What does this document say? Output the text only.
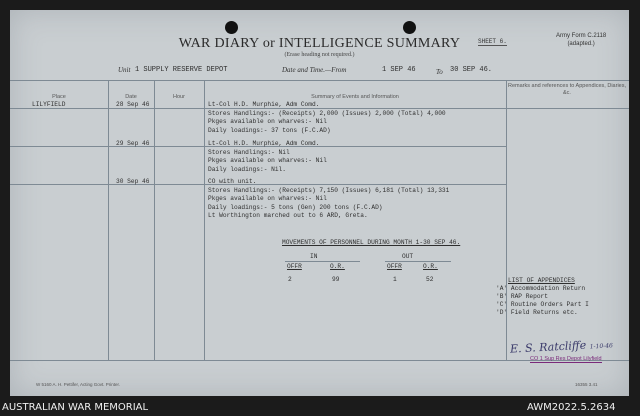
WAR DIARY or INTELLIGENCE SUMMARY
(Erase heading not required.)
SHEET 6.
Army Form C.2118
(adapted.)
Unit 1 SUPPLY RESERVE DEPOT	Date and Time.—From	1 SEP 46	To 30 SEP 46.
Place	Date	Hour	Summary of Events and Information
Remarks and references to Appendices, Diaries, &c.
LILYFIELD	28 Sep 46	Lt-Col H.D. Murphie, Adm Comd.
Stores Handlings:- (Receipts) 2,000 (Issues) 2,000 (Total) 4,000
Pkges available on wharves:- Nil
Daily loadings:- 37 tons (F.C.AD)
29 Sep 46	Lt-Col H.D. Murphie, Adm Comd.
Stores Handlings:- Nil
Pkges available on wharves:- Nil
Daily loadings:- Nil.
30 Sep 46	CO with unit.
Stores Handlings:- (Receipts) 7,150 (Issues) 6,181 (Total) 13,331
Pkges available on wharves:- Nil
Daily loadings:- 5 tons (Gen) 200 tons (F.C.AD)
Lt Worthington marched out to 6 ARD, Greta.
MOVEMENTS OF PERSONNEL DURING MONTH 1-30 SEP 46.
IN	OUT
OFFR	O.R.	OFFR	O.R.
2	99	1	52	LIST OF APPENDICES
'A' Accommodation Return
'B' RAP Report
'C' Routine Orders Part I
'D' Field Returns etc.
E. S. Ratcliffe 1-10-46
CO 1 Sup Res Depot Lilyfield
W 5160 A. H. Pettifer, Acting Govt. Printer.	16355 3.41
AUSTRALIAN WAR MEMORIAL	AWM2022.5.2634
